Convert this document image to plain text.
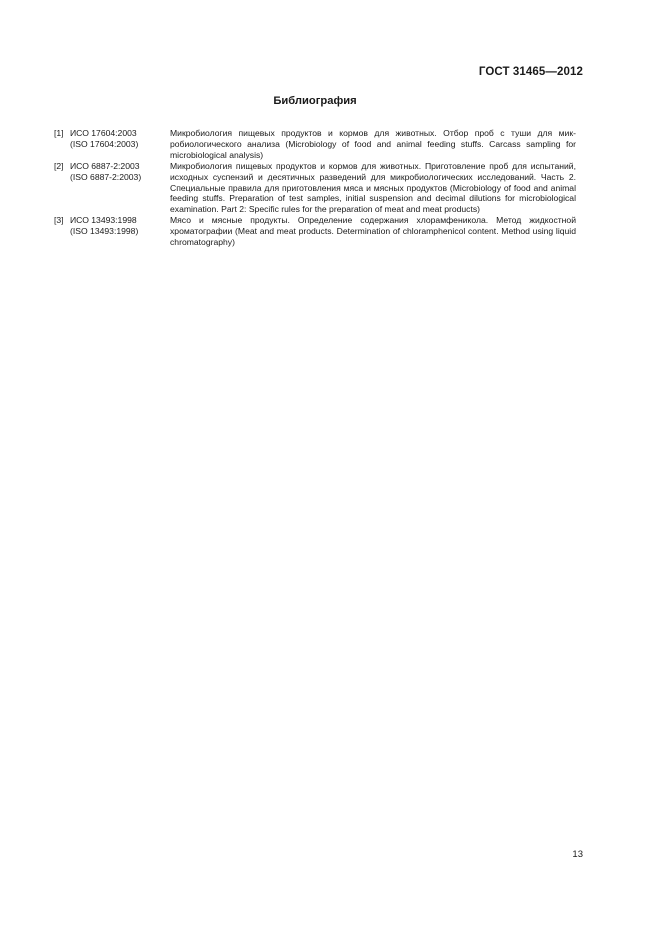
ГОСТ 31465—2012
Библиография
[1] ИСО 17604:2003
(ISO 17604:2003)
Микробиология пищевых продуктов и кормов для животных. Отбор проб с туши для микробиологического анализа (Microbiology of food and animal feeding stuffs. Carcass sampling for microbiological analysis)
[2] ИСО 6887-2:2003
(ISO 6887-2:2003)
Микробиология пищевых продуктов и кормов для животных. Приготовление проб для испытаний, исходных суспензий и десятичных разведений для микробиологических исследований. Часть 2. Специальные правила для приготовления мяса и мясных продуктов (Microbiology of food and animal feeding stuffs. Preparation of test samples, initial suspension and decimal dilutions for microbiological examination. Part 2: Specific rules for the preparation of meat and meat products)
[3] ИСО 13493:1998
(ISO 13493:1998)
Мясо и мясные продукты. Определение содержания хлорамфеникола. Метод жидкостной хроматографии (Meat and meat products. Determination of chloramphenicol content. Method using liquid chromatography)
13
